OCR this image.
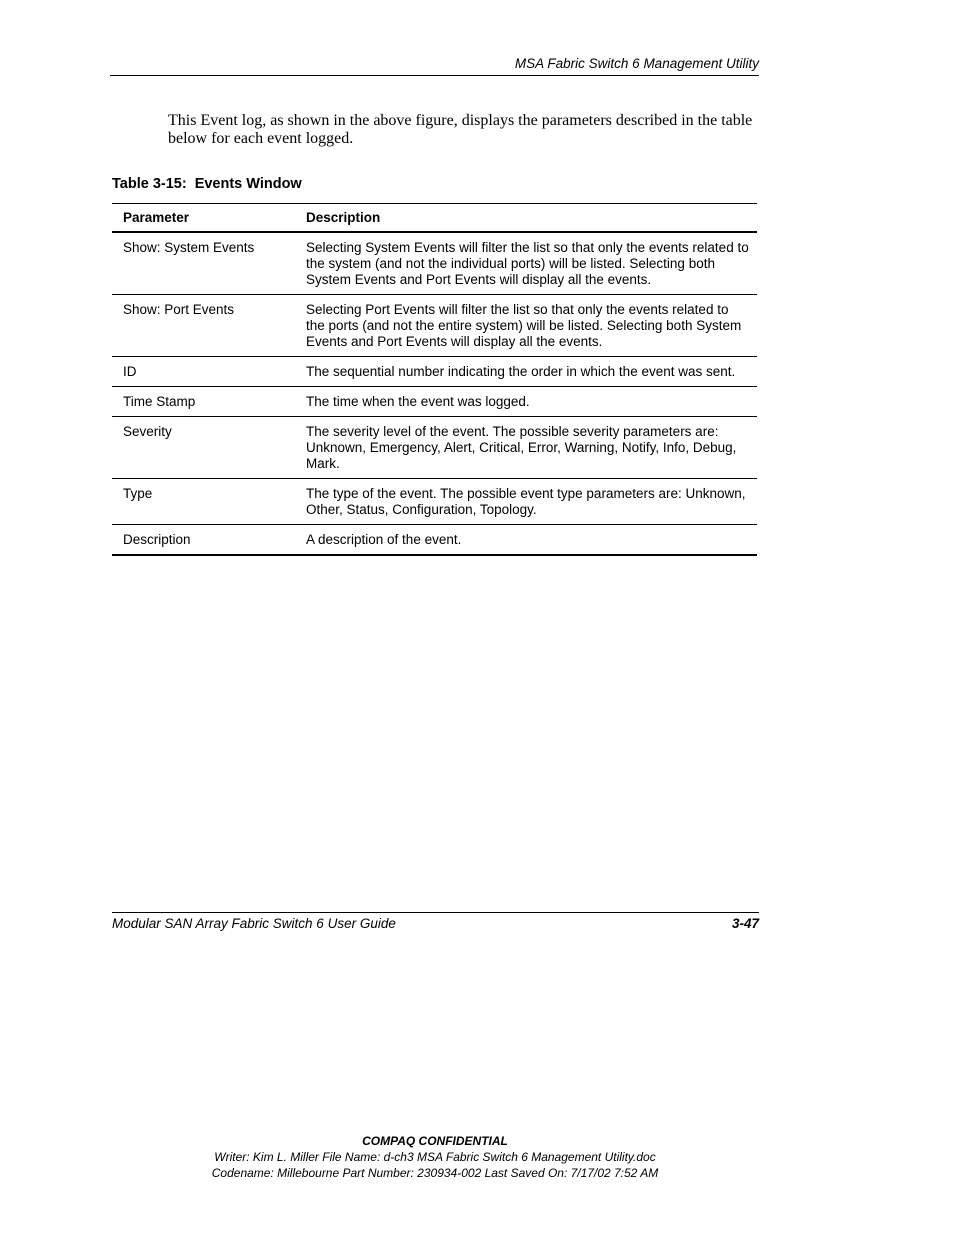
MSA Fabric Switch 6 Management Utility

This Event log, as shown in the above figure, displays the parameters described in the table below for each event logged.

Table 3-15: Events Window
Parameter	Description
Show: System Events	Selecting System Events will filter the list so that only the events related to the system (and not the individual ports) will be listed. Selecting both System Events and Port Events will display all the events.
Show: Port Events	Selecting Port Events will filter the list so that only the events related to the ports (and not the entire system) will be listed. Selecting both System Events and Port Events will display all the events.
ID	The sequential number indicating the order in which the event was sent.
Time Stamp	The time when the event was logged.
Severity	The severity level of the event. The possible severity parameters are: Unknown, Emergency, Alert, Critical, Error, Warning, Notify, Info, Debug, Mark.
Type	The type of the event. The possible event type parameters are: Unknown, Other, Status, Configuration, Topology.
Description	A description of the event.
Modular SAN Array Fabric Switch 6 User Guide	3-47
COMPAQ CONFIDENTIAL
Writer: Kim L. Miller File Name: d-ch3 MSA Fabric Switch 6 Management Utility.doc
Codename: Millebourne Part Number: 230934-002 Last Saved On: 7/17/02 7:52 AM
